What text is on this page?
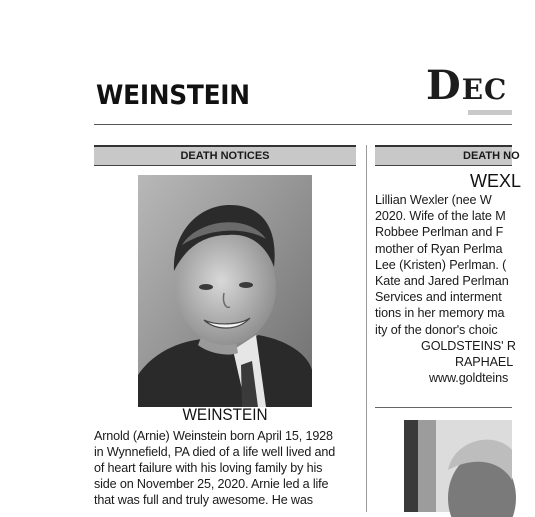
WEINSTEIN	Dec
DEATH NOTICES	DEATH NO
WEINSTEIN
Arnold (Arnie) Weinstein born April 15, 1928
in Wynnefield, PA died of a life well lived and
of heart failure with his loving family by his
side on November 25, 2020. Arnie led a life
that was full and truly awesome. He was
WEXL
Lillian Wexler (nee W
2020. Wife of the late M
Robbee Perlman and F
mother of Ryan Perlma
Lee (Kristen) Perlman. (
Kate and Jared Perlman
Services and interment
tions in her memory ma
ity of the donor's choic
GOLDSTEINS' R
RAPHAEL
www.goldteins
